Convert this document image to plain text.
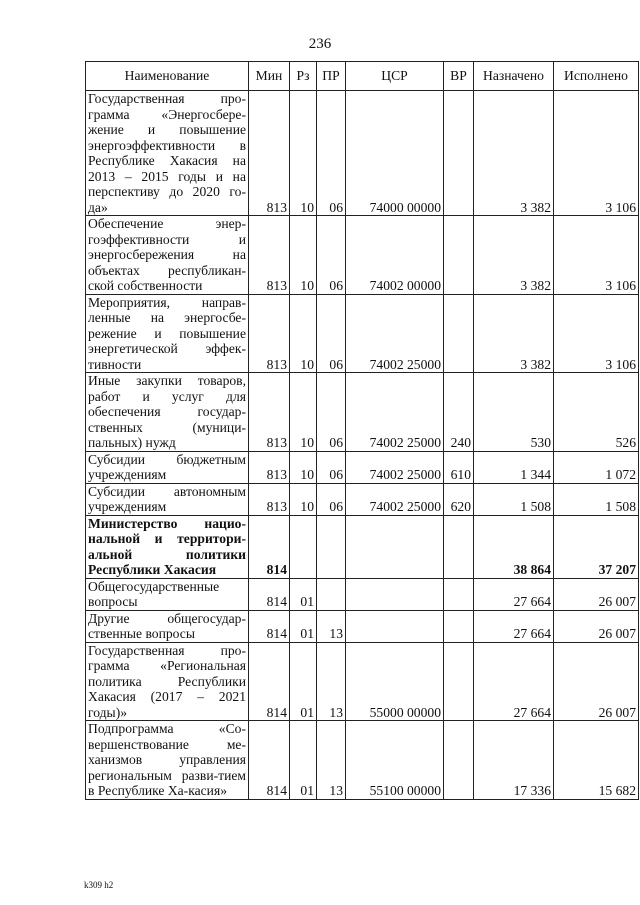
236
Наименование	Мин	Рз	ПР	ЦСР	ВР	Назначено	Исполнено
Государственная про-грамма «Энергосбере-жение и повышение энергоэффективности в Республике Хакасия на 2013 – 2015 годы и на перспективу до 2020 го-да»	813	10	06	74000 00000		3 382	3 106
Обеспечение энер-гоэффективности и энергосбережения на объектах республикан-ской собственности	813	10	06	74002 00000		3 382	3 106
Мероприятия, направ-ленные на энергосбе-режение и повышение энергетической эффек-тивности	813	10	06	74002 25000		3 382	3 106
Иные закупки товаров, работ и услуг для обеспечения государ-ственных (муници-пальных) нужд	813	10	06	74002 25000	240	530	526
Субсидии бюджетным учреждениям	813	10	06	74002 25000	610	1 344	1 072
Субсидии автономным учреждениям	813	10	06	74002 25000	620	1 508	1 508
Министерство нацио-нальной и территори-альной политики Республики Хакасия	814					38 864	37 207
Общегосударственные вопросы	814	01				27 664	26 007
Другие общегосудар-ственные вопросы	814	01	13			27 664	26 007
Государственная про-грамма «Региональная политика Республики Хакасия (2017 – 2021 годы)»	814	01	13	55000 00000		27 664	26 007
Подпрограмма «Со-вершенствование ме-ханизмов управления региональным разви-тием в Республике Ха-касия»	814	01	13	55100 00000		17 336	15 682
k309 h2
